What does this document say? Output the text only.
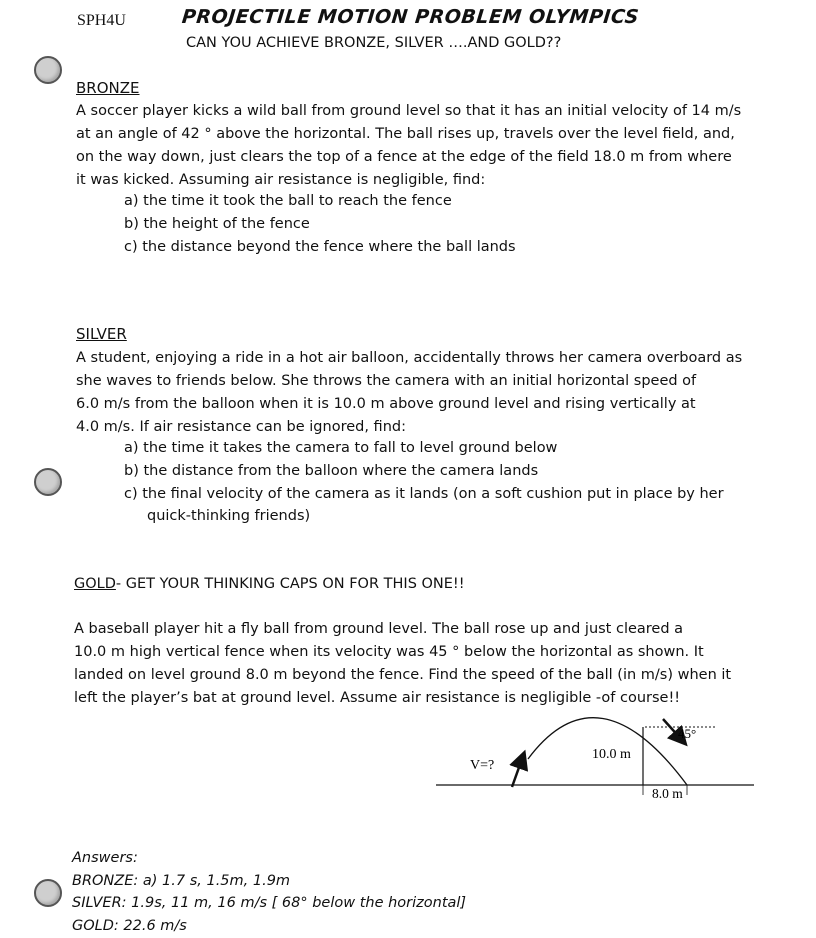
SPH4U	PROJECTILE MOTION PROBLEM OLYMPICS
CAN YOU ACHIEVE BRONZE, SILVER ….AND GOLD??
BRONZE
A soccer player kicks a wild ball from ground level so that it has an initial velocity of 14 m/s
at an angle of 42 ° above the horizontal. The ball rises up, travels over the level field, and,
on the way down, just clears the top of a fence at the edge of the field 18.0 m from where
it was kicked. Assuming air resistance is negligible, find:
a) the time it took the ball to reach the fence
b) the height of the fence
c) the distance beyond the fence where the ball lands
SILVER
A student, enjoying a ride in a hot air balloon, accidentally throws her camera overboard as
she waves to friends below. She throws the camera with an initial horizontal speed of
6.0 m/s from the balloon when it is 10.0 m above ground level and rising vertically at
4.0 m/s. If air resistance can be ignored, find:
a) the time it takes the camera to fall to level ground below
b) the distance from the balloon where the camera lands
c) the final velocity of the camera as it lands (on a soft cushion put in place by her
quick-thinking friends)
GOLD- GET YOUR THINKING CAPS ON FOR THIS ONE!!
A baseball player hit a fly ball from ground level. The ball rose up and just cleared a
10.0 m high vertical fence when its velocity was 45 ° below the horizontal as shown. It
landed on level ground 8.0 m beyond the fence. Find the speed of the ball (in m/s) when it
left the player’s bat at ground level. Assume air resistance is negligible -of course!!
V=?
10.0 m
45°
8.0 m
Answers:
BRONZE: a) 1.7 s, 1.5m, 1.9m
SILVER: 1.9s, 11 m, 16 m/s [ 68° below the horizontal]
GOLD: 22.6 m/s
